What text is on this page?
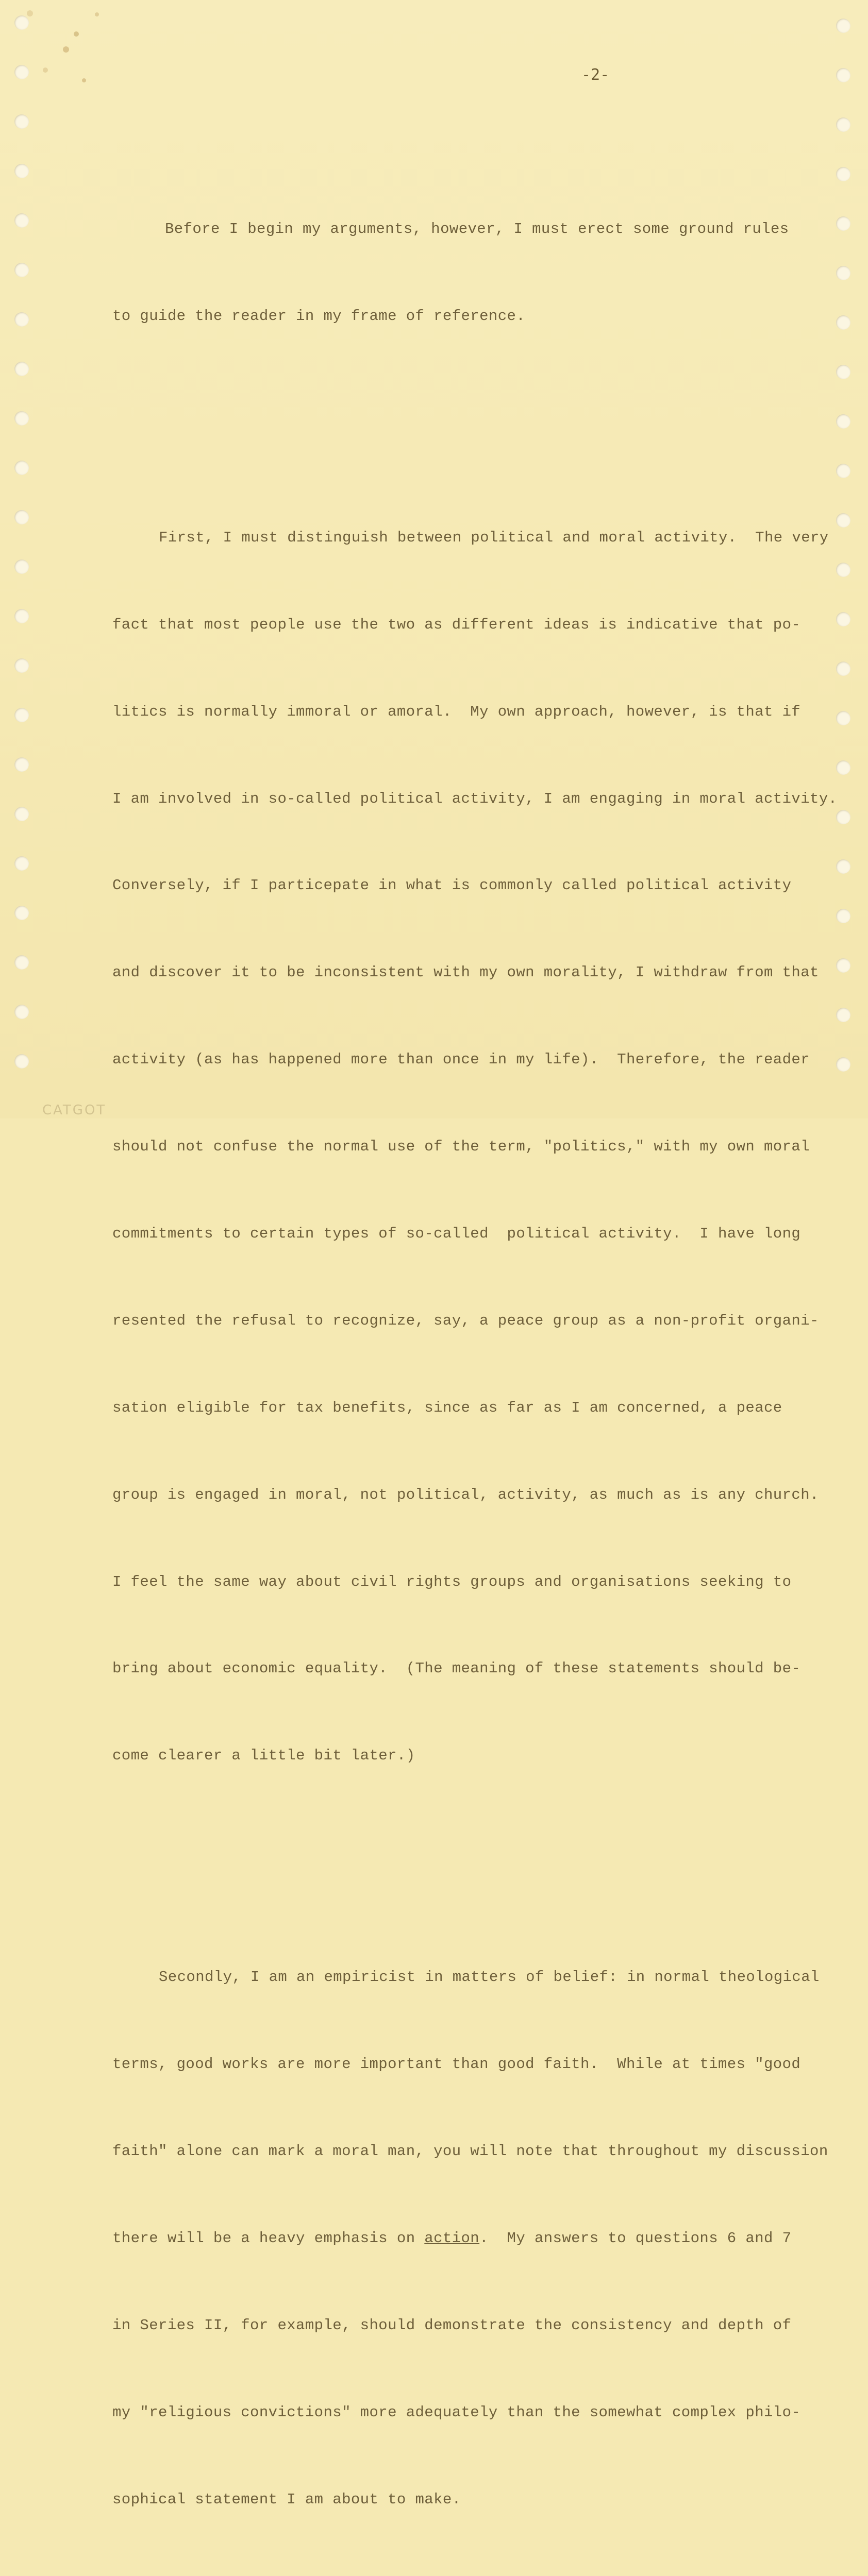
-2-

Before I begin my arguments, however, I must erect some ground rules

to guide the reader in my frame of reference.

First, I must distinguish between political and moral activity.  The very

fact that most people use the two as different ideas is indicative that po-

litics is normally immoral or amoral.  My own approach, however, is that if

I am involved in so-called political activity, I am engaging in moral activity.

Conversely, if I particepate in what is commonly called political activity

and discover it to be inconsistent with my own morality, I withdraw from that

activity (as has happened more than once in my life).  Therefore, the reader

should not confuse the normal use of the term, "politics," with my own moral

commitments to certain types of so-called  political activity.  I have long

resented the refusal to recognize, say, a peace group as a non-profit organi-

sation eligible for tax benefits, since as far as I am concerned, a peace

group is engaged in moral, not political, activity, as much as is any church.

I feel the same way about civil rights groups and organisations seeking to

bring about economic equality.  (The meaning of these statements should be-

come clearer a little bit later.)

Secondly, I am an empiricist in matters of belief: in normal theological

terms, good works are more important than good faith.  While at times "good

faith" alone can mark a moral man, you will note that throughout my discussion

there will be a heavy emphasis on action.  My answers to questions 6 and 7

in Series II, for example, should demonstrate the consistency and depth of

my "religious convictions" more adequately than the somewhat complex philo-

sophical statement I am about to make.

CATGOT
